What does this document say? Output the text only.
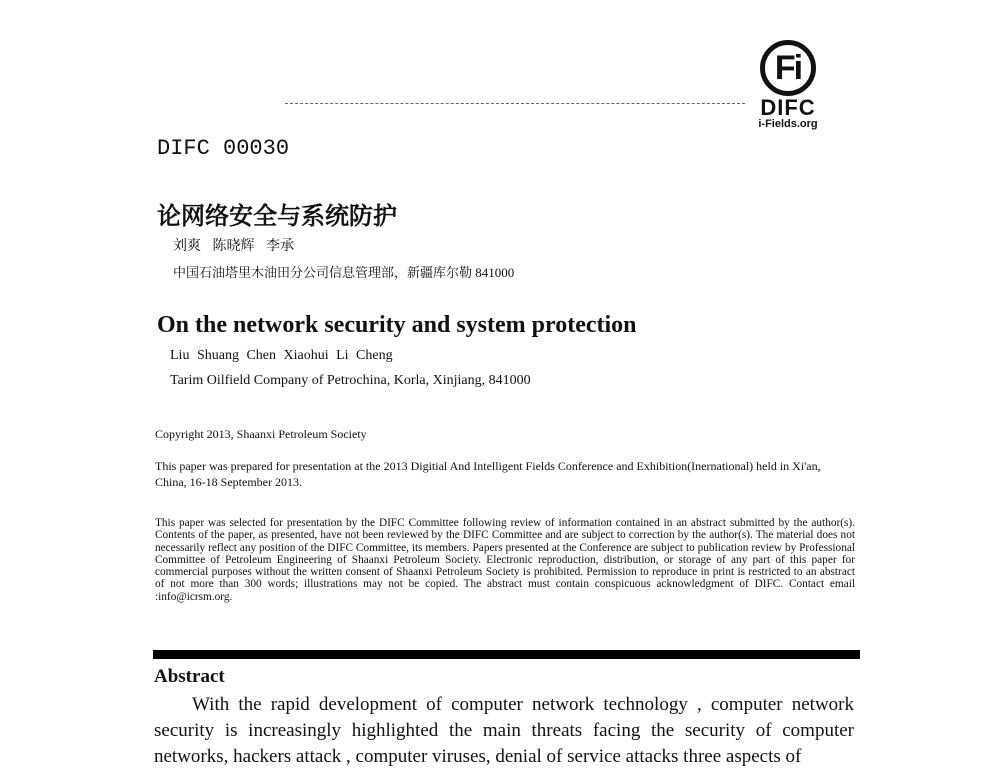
Fi
DIFC
i-Fields.org
DIFC 00030
论网络安全与系统防护
刘爽 陈晓辉 李承
中国石油塔里木油田分公司信息管理部，新疆库尔勒 841000
On the network security and system protection
Liu Shuang Chen Xiaohui Li Cheng
Tarim Oilfield Company of Petrochina, Korla, Xinjiang, 841000
Copyright 2013, Shaanxi Petroleum Society
This paper was prepared for presentation at the 2013 Digitial And Intelligent Fields Conference and Exhibition(Inernational) held in Xi'an, China, 16-18 September 2013.
This paper was selected for presentation by the DIFC Committee following review of information contained in an abstract submitted by the author(s). Contents of the paper, as presented, have not been reviewed by the DIFC Committee and are subject to correction by the author(s). The material does not necessarily reflect any position of the DIFC Committee, its members. Papers presented at the Conference are subject to publication review by Professional Committee of Petroleum Engineering of Shaanxi Petroleum Society. Electronic reproduction, distribution, or storage of any part of this paper for commercial purposes without the written consent of Shaanxi Petroleum Society is prohibited. Permission to reproduce in print is restricted to an abstract of not more than 300 words; illustrations may not be copied. The abstract must contain conspicuous acknowledgment of DIFC. Contact email :info@icrsm.org.
Abstract
With the rapid development of computer network technology , computer network security is increasingly highlighted the main threats facing the security of computer networks, hackers attack , computer viruses, denial of service attacks three aspects of
